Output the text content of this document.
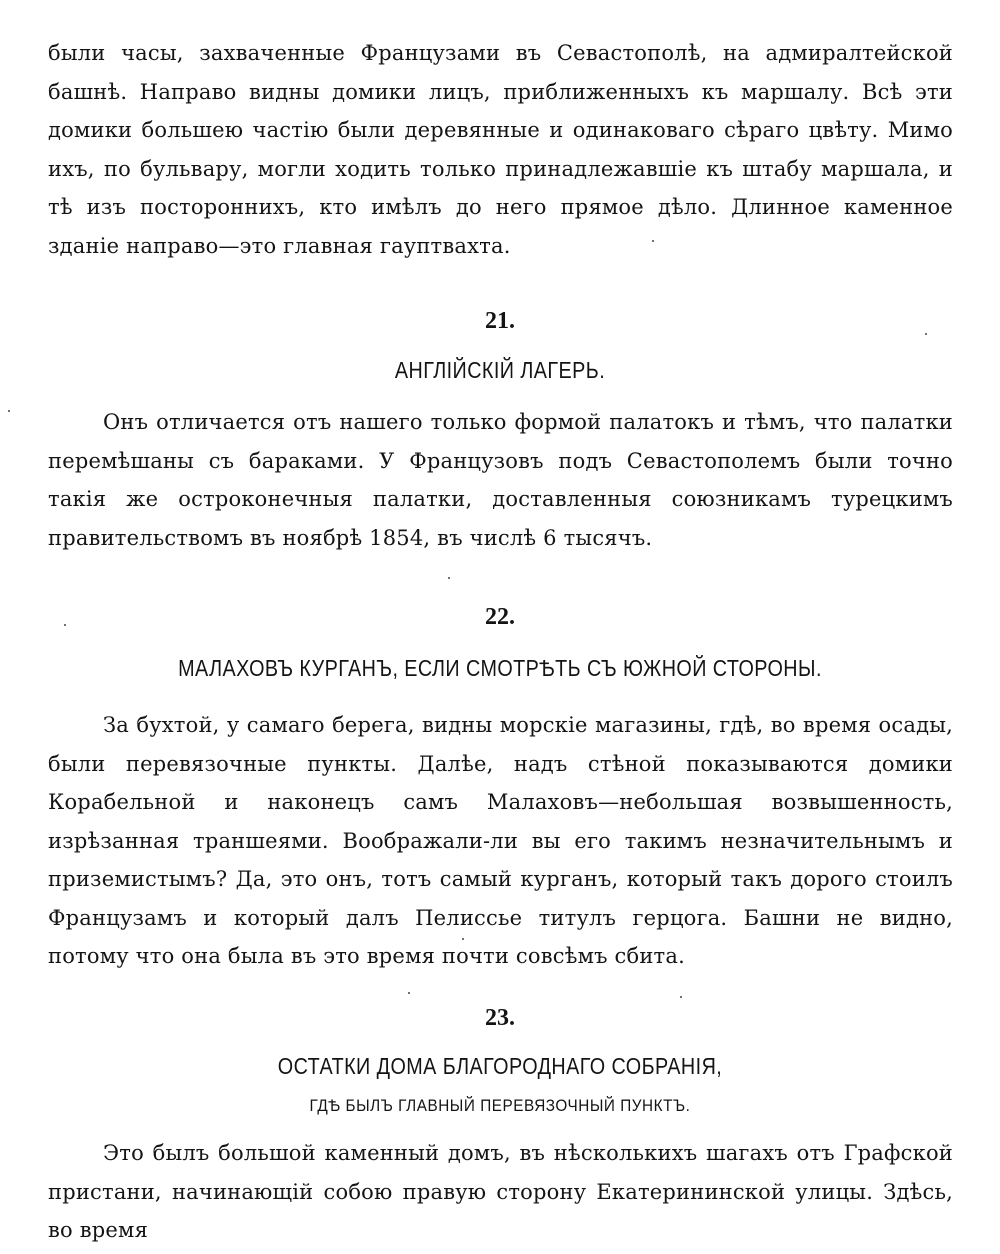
были часы, захваченные Французами въ Севастополѣ, на адмиралтейской башнѣ. Направо видны домики лицъ, приближенныхъ къ маршалу. Всѣ эти домики большею частію были деревянные и одинаковаго сѣраго цвѣту. Мимо ихъ, по бульвару, могли ходить только принадлежавшіе къ штабу маршала, и тѣ изъ постороннихъ, кто имѣлъ до него прямое дѣло. Длинное каменное зданіе направо—это главная гауптвахта.

21.
АНГЛІЙСКІЙ ЛАГЕРЬ.

Онъ отличается отъ нашего только формой палатокъ и тѣмъ, что палатки перемѣшаны съ бараками. У Французовъ подъ Севастополемъ были точно такія же остроконечныя палатки, доставленныя союзникамъ турецкимъ правительствомъ въ ноябрѣ 1854, въ числѣ 6 тысячъ.

22.
МАЛАХОВЪ КУРГАНЪ, ЕСЛИ СМОТРѢТЬ СЪ ЮЖНОЙ СТОРОНЫ.

За бухтой, у самаго берега, видны морскіе магазины, гдѣ, во время осады, были перевязочные пункты. Далѣе, надъ стѣной показываются домики Корабельной и наконецъ самъ Малаховъ—небольшая возвышенность, изрѣзанная траншеями. Воображали-ли вы его такимъ незначительнымъ и приземистымъ? Да, это онъ, тотъ самый курганъ, который такъ дорого стоилъ Французамъ и который далъ Пелиссье титулъ герцога. Башни не видно, потому что она была въ это время почти совсѣмъ сбита.

23.
ОСТАТКИ ДОМА БЛАГОРОДНАГО СОБРАНІЯ,
ГДѢ БЫЛЪ ГЛАВНЫЙ ПЕРЕВЯЗОЧНЫЙ ПУНКТЪ.

Это былъ большой каменный домъ, въ нѣсколькихъ шагахъ отъ Графской пристани, начинающій собою правую сторону Екатерининской улицы. Здѣсь, во время
